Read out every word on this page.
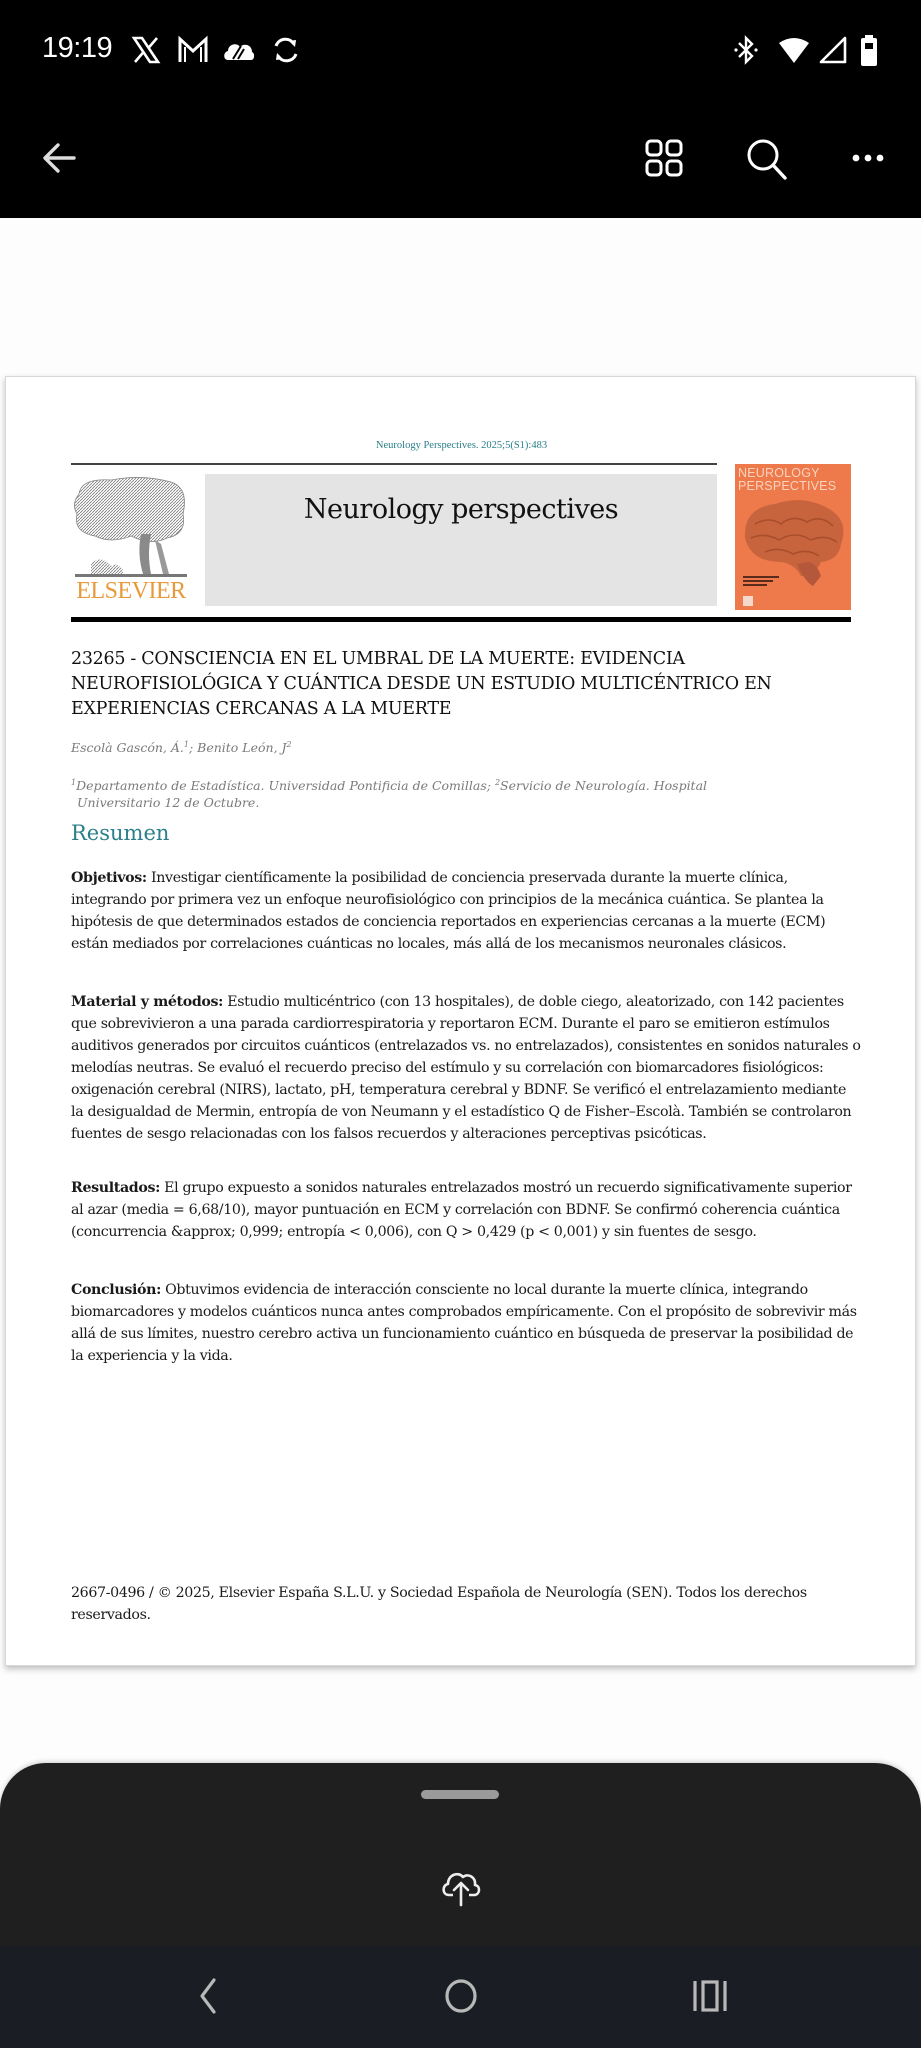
19:19
Neurology Perspectives. 2025;5(S1):483
ELSEVIER
Neurology perspectives
NEUROLOGY
PERSPECTIVES
23265 - CONSCIENCIA EN EL UMBRAL DE LA MUERTE: EVIDENCIA NEUROFISIOLÓGICA Y CUÁNTICA DESDE UN ESTUDIO MULTICÉNTRICO EN EXPERIENCIAS CERCANAS A LA MUERTE
Escolà Gascón, Á.$^1$; Benito León, $J^2$
$^1$Departamento de Estadística. Universidad Pontificia de Comillas; $^2$Servicio de Neurología. Hospital
Universitario 12 de Octubre.
Resumen

Objetivos: Investigar científicamente la posibilidad de conciencia preservada durante la muerte clínica, integrando por primera vez un enfoque neurofisiológico con principios de la mecánica cuántica. Se plantea la hipótesis de que determinados estados de conciencia reportados en experiencias cercanas a la muerte (ECM) están mediados por correlaciones cuánticas no locales, más allá de los mecanismos neuronales clásicos.

Material y métodos: Estudio multicéntrico (con 13 hospitales), de doble ciego, aleatorizado, con 142 pacientes que sobrevivieron a una parada cardiorrespiratoria y reportaron ECM. Durante el paro se emitieron estímulos auditivos generados por circuitos cuánticos (entrelazados vs. no entrelazados), consistentes en sonidos naturales o melodías neutras. Se evaluó el recuerdo preciso del estímulo y su correlación con biomarcadores fisiológicos: oxigenación cerebral (NIRS), lactato, pH, temperatura cerebral y BDNF. Se verificó el entrelazamiento mediante la desigualdad de Mermin, entropía de von Neumann y el estadístico Q de Fisher–Escolà. También se controlaron fuentes de sesgo relacionadas con los falsos recuerdos y alteraciones perceptivas psicóticas.

Resultados: El grupo expuesto a sonidos naturales entrelazados mostró un recuerdo significativamente superior al azar (media = 6,68/10), mayor puntuación en ECM y correlación con BDNF. Se confirmó coherencia cuántica (concurrencia &approx; 0,999; entropía < 0,006), con Q > 0,429 (p < 0,001) y sin fuentes de sesgo.

Conclusión: Obtuvimos evidencia de interacción consciente no local durante la muerte clínica, integrando biomarcadores y modelos cuánticos nunca antes comprobados empíricamente. Con el propósito de sobrevivir más allá de sus límites, nuestro cerebro activa un funcionamiento cuántico en búsqueda de preservar la posibilidad de la experiencia y la vida.

2667-0496 / © 2025, Elsevier España S.L.U. y Sociedad Española de Neurología (SEN). Todos los derechos reservados.
